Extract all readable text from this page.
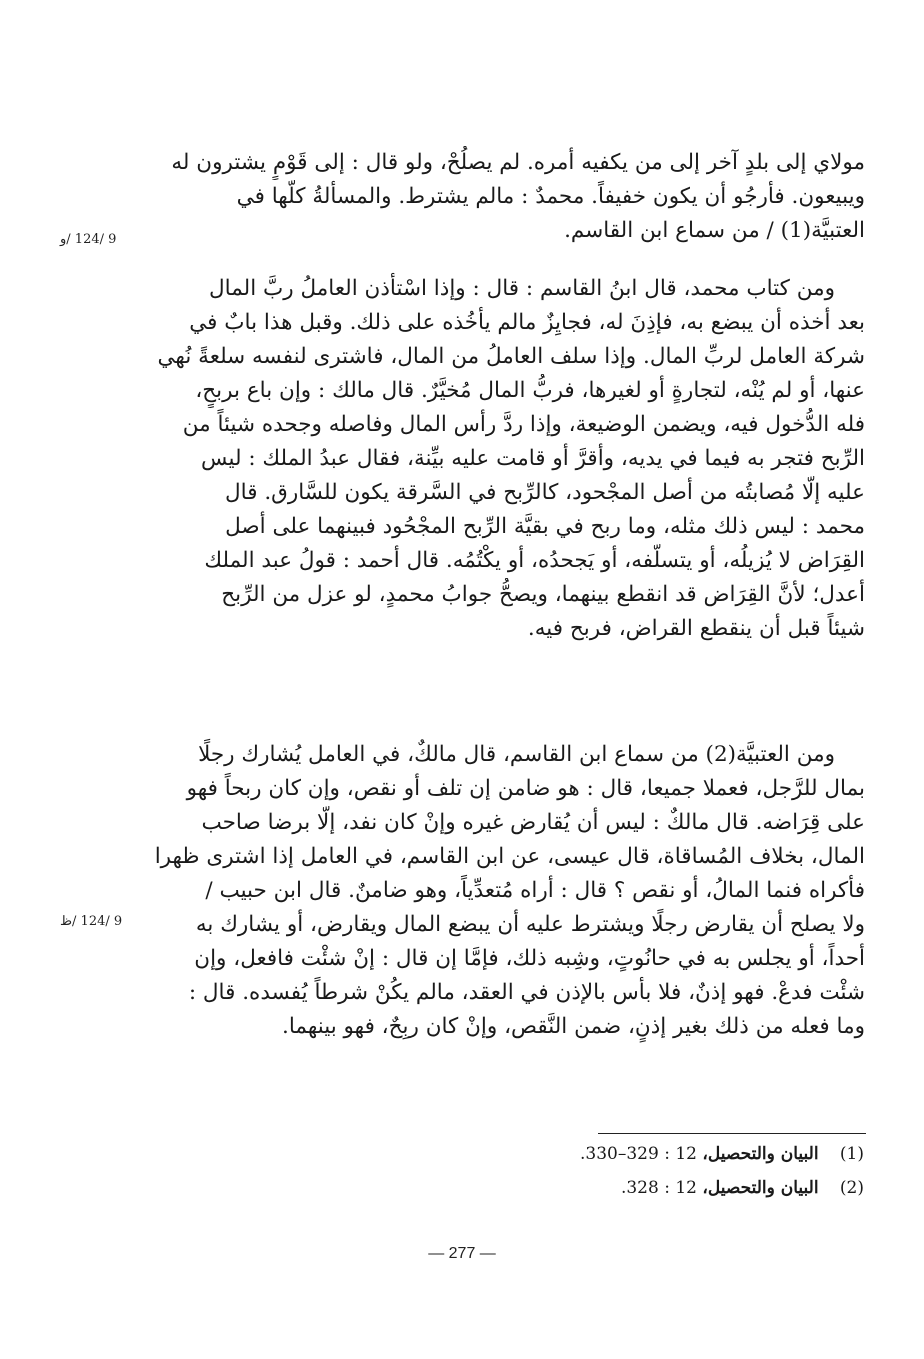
مولاي إلى بلدٍ آخر إلى من يكفيه أمره. لم يصلُحْ، ولو قال : إلى قَوْمٍ يشترون له
ويبيعون. فأرجُو أن يكون خفيفاً. محمدٌ : مالم يشترط. والمسألةُ كلّها في
العتبيَّة(1) / من سماع ابن القاسم.
ومن كتاب محمد، قال ابنُ القاسم : قال : وإذا اسْتأذن العاملُ ربَّ المال
بعد أخذه أن يبضع به، فإذِنَ له، فجايِزٌ مالم يأخُذه على ذلك. وقبل هذا بابٌ في
شركة العامل لربِّ المال. وإذا سلف العاملُ من المال، فاشترى لنفسه سلعةً نُهي
عنها، أو لم يُنْه، لتجارةٍ أو لغيرها، فربُّ المال مُخيَّرٌ. قال مالك : وإن باع بربحٍ،
فله الدُّخول فيه، ويضمن الوضيعة، وإذا ردَّ رأس المال وفاصله وجحده شيئاً من
الرِّبح فتجر به فيما في يديه، وأقرَّ أو قامت عليه بيِّنة، فقال عبدُ الملك : ليس
عليه إلَّا مُصابتُه من أصل المجْحود، كالرِّبح في السَّرقة يكون للسَّارق. قال
محمد : ليس ذلك مثله، وما ربح في بقيَّة الرِّبح المجْحُود فبينهما على أصل
القِرَاض لا يُزيلُه، أو يتسلَّفه، أو يَجحدُه، أو يكْتُمُه. قال أحمد : قولُ عبد الملك
أعدل؛ لأنَّ القِرَاض قد انقطع بينهما، ويصحُّ جوابُ محمدٍ، لو عزل من الرِّبح
شيئاً قبل أن ينقطع القراض، فربح فيه.
ومن العتبيَّة(2) من سماع ابن القاسم، قال مالكٌ، في العامل يُشارك رجلًا
بمال للرَّجل، فعملا جميعا، قال : هو ضامن إن تلف أو نقص، وإن كان ربحاً فهو
على قِرَاضه. قال مالكٌ : ليس أن يُقارض غيره وإنْ كان نفد، إلَّا برضا صاحب
المال، بخلاف المُساقاة، قال عيسى، عن ابن القاسم، في العامل إذا اشترى ظهرا
فأكراه فنما المالُ، أو نقص ؟ قال : أراه مُتعدِّياً، وهو ضامنٌ. قال ابن حبيب /
ولا يصلح أن يقارض رجلًا ويشترط عليه أن يبضع المال ويقارض، أو يشارك به
أحداً، أو يجلس به في حانُوتٍ، وشِبه ذلك، فإمَّا إن قال : إنْ شئْت فافعل، وإن
شئْت فدعْ. فهو إذنٌ، فلا بأس بالإذن في العقد، مالم يكُنْ شرطاً يُفسده. قال :
وما فعله من ذلك بغير إذنٍ، ضمن النَّقص، وإنْ كان ربِحٌ، فهو بينهما.
9 /124 /و
9 /124 /ظ
(1) البيان والتحصيل، 12 : 329–330.
(2) البيان والتحصيل، 12 : 328.
— 277 —
